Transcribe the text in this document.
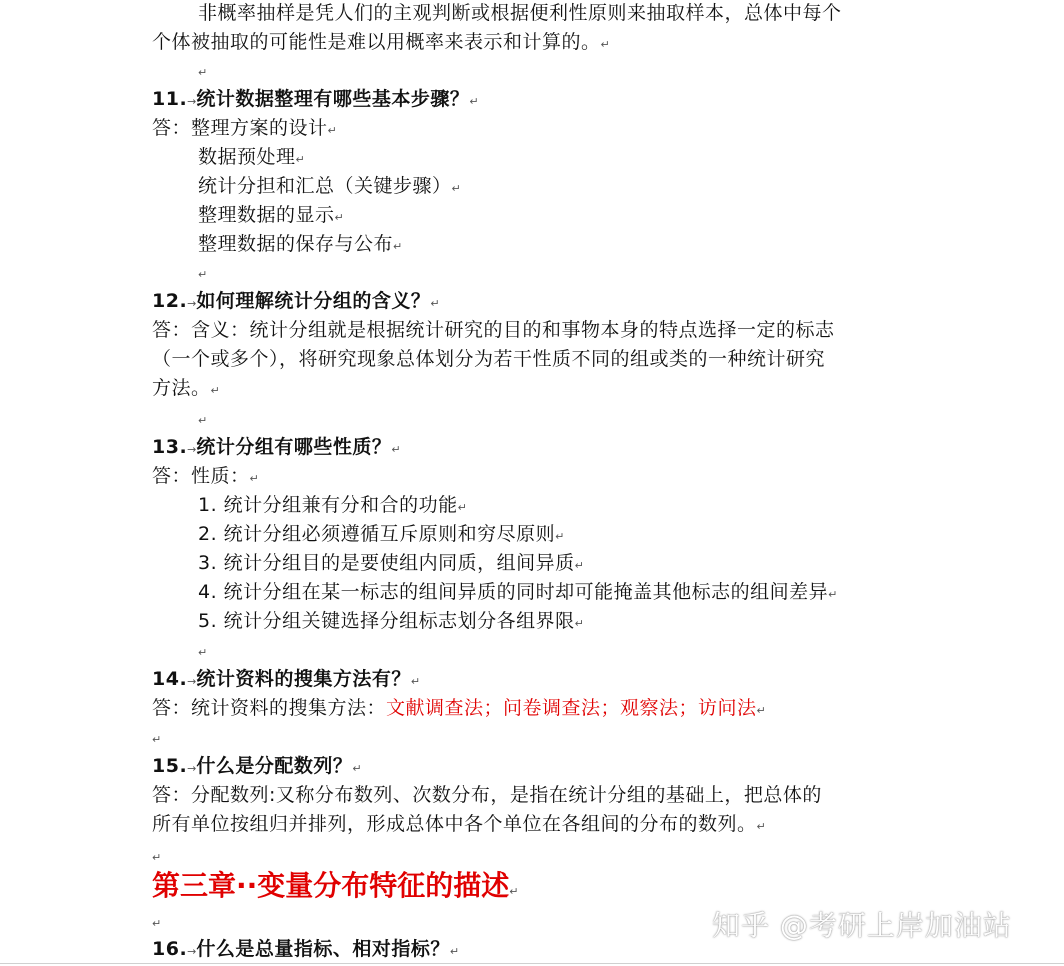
非概率抽样是凭人们的主观判断或根据便利性原则来抽取样本，总体中每个
个体被抽取的可能性是难以用概率来表示和计算的。↵
↵
11.→统计数据整理有哪些基本步骤？↵
答：整理方案的设计↵
数据预处理↵
统计分担和汇总（关键步骤）↵
整理数据的显示↵
整理数据的保存与公布↵
↵
12.→如何理解统计分组的含义？↵
答：含义：统计分组就是根据统计研究的目的和事物本身的特点选择一定的标志
（一个或多个），将研究现象总体划分为若干性质不同的组或类的一种统计研究
方法。↵
↵
13.→统计分组有哪些性质？↵
答：性质：↵
1. 统计分组兼有分和合的功能↵
2. 统计分组必须遵循互斥原则和穷尽原则↵
3. 统计分组目的是要使组内同质，组间异质↵
4. 统计分组在某一标志的组间异质的同时却可能掩盖其他标志的组间差异↵
5. 统计分组关键选择分组标志划分各组界限↵
↵
14.→统计资料的搜集方法有？↵
答：统计资料的搜集方法：文献调查法；问卷调查法；观察法；访问法↵
↵
15.→什么是分配数列？↵
答：分配数列:又称分布数列、次数分布，是指在统计分组的基础上，把总体的
所有单位按组归并排列，形成总体中各个单位在各组间的分布的数列。↵
↵
第三章··变量分布特征的描述↵
↵
16.→什么是总量指标、相对指标？↵
知乎 @考研上岸加油站
